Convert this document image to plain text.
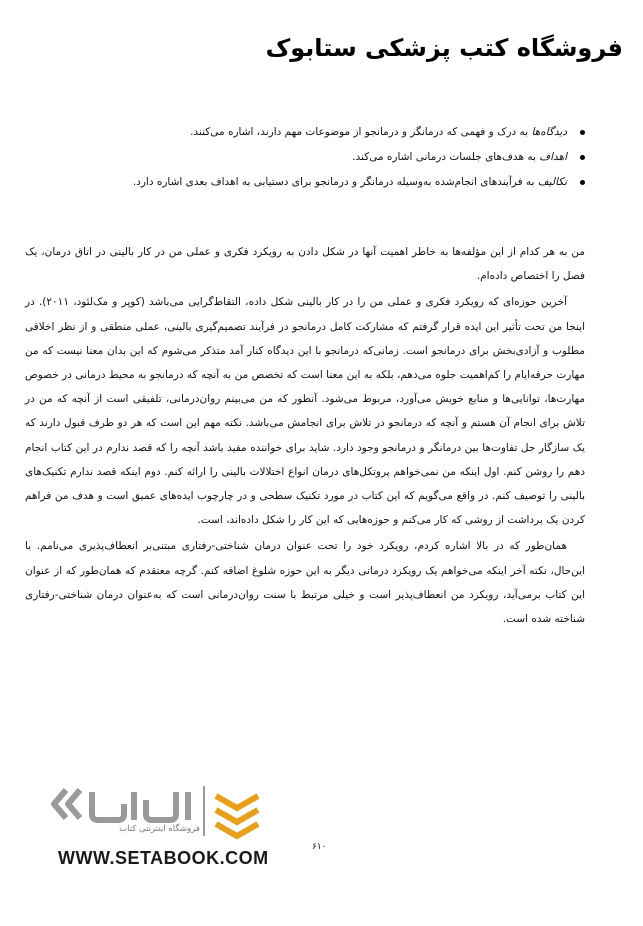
فروشگاه کتب پزشکی ستابوک
دیدگاه‌ها به درک و فهمی که درمانگر و درمانجو از موضوعات مهم دارند، اشاره می‌کنند.
اهداف به هدف‌های جلسات درمانی اشاره می‌کند.
تکالیف به فرآیندهای انجام‌شده به‌وسیله درمانگر و درمانجو برای دستیابی به اهداف بعدی اشاره دارد.

من به هر کدام از این مؤلفه‌ها به خاطر اهمیت آنها در شکل دادن به رویکرد فکری و عملی من در کار بالینی در اتاق درمان، یک فصل را اختصاص داده‌ام.

آخرین حوزه‌ای که رویکرد فکری و عملی من را در کار بالینی شکل داده، التقاط‌گرایی می‌باشد (کوپر و مک‌لئود، ۲۰۱۱). در اینجا من تحت تأثیر این ایده قرار گرفتم که مشارکت کامل درمانجو در فرآیند تصمیم‌گیری بالینی، عملی منطقی و از نظر اخلاقی مطلوب و آزادی‌بخش برای درمانجو است. زمانی‌که درمانجو با این دیدگاه کنار آمد متذکر می‌شوم که این بدان معنا نیست که من مهارت حرفه‌ایام را کم‌اهمیت جلوه می‌دهم، بلکه به این معنا است که تخصص من به آنچه که درمانجو به محیط درمانی در خصوص مهارت‌ها، توانایی‌ها و منابع خویش می‌آورد، مربوط می‌شود. آنطور که من می‌بینم روان‌درمانی، تلفیقی است از آنچه که من در تلاش برای انجام آن هستم و آنچه که درمانجو در تلاش برای انجامش می‌باشد. نکته مهم این است که هر دو طرف قبول دارند که یک سازگار حل تفاوت‌ها بین درمانگر و درمانجو وجود دارد. شاید برای خواننده مفید باشد آنچه را که قصد ندارم در این کتاب انجام دهم را روشن کنم. اول اینکه من نمی‌خواهم پروتکل‌های درمان انواع اختلالات بالینی را ارائه کنم. دوم اینکه قصد ندارم تکنیک‌های بالینی را توصیف کنم. در واقع می‌گویم که این کتاب در مورد تکنیک سطحی و در چارچوب ایده‌های عمیق است و هدف من فراهم کردن یک برداشت از روشی که کار می‌کنم و حوزه‌هایی که این کار را شکل داده‌اند، است.

همان‌طور که در بالا اشاره کردم، رویکرد خود را تحت عنوان درمان شناختی-رفتاری مبتنی‌بر انعطاف‌پذیری می‌نامم. با این‌حال، نکته آخر اینکه می‌خواهم یک رویکرد درمانی دیگر به این حوزه شلوغ اضافه کنم. گرچه معتقدم که همان‌طور که از عنوان این کتاب برمی‌آید، رویکرد من انعطاف‌پذیر است و خیلی مرتبط با سنت روان‌درمانی است که به‌عنوان درمان شناختی-رفتاری شناخته شده است.

فروشگاه اینترنتی کتاب
۶۱۰
WWW.SETABOOK.COM
